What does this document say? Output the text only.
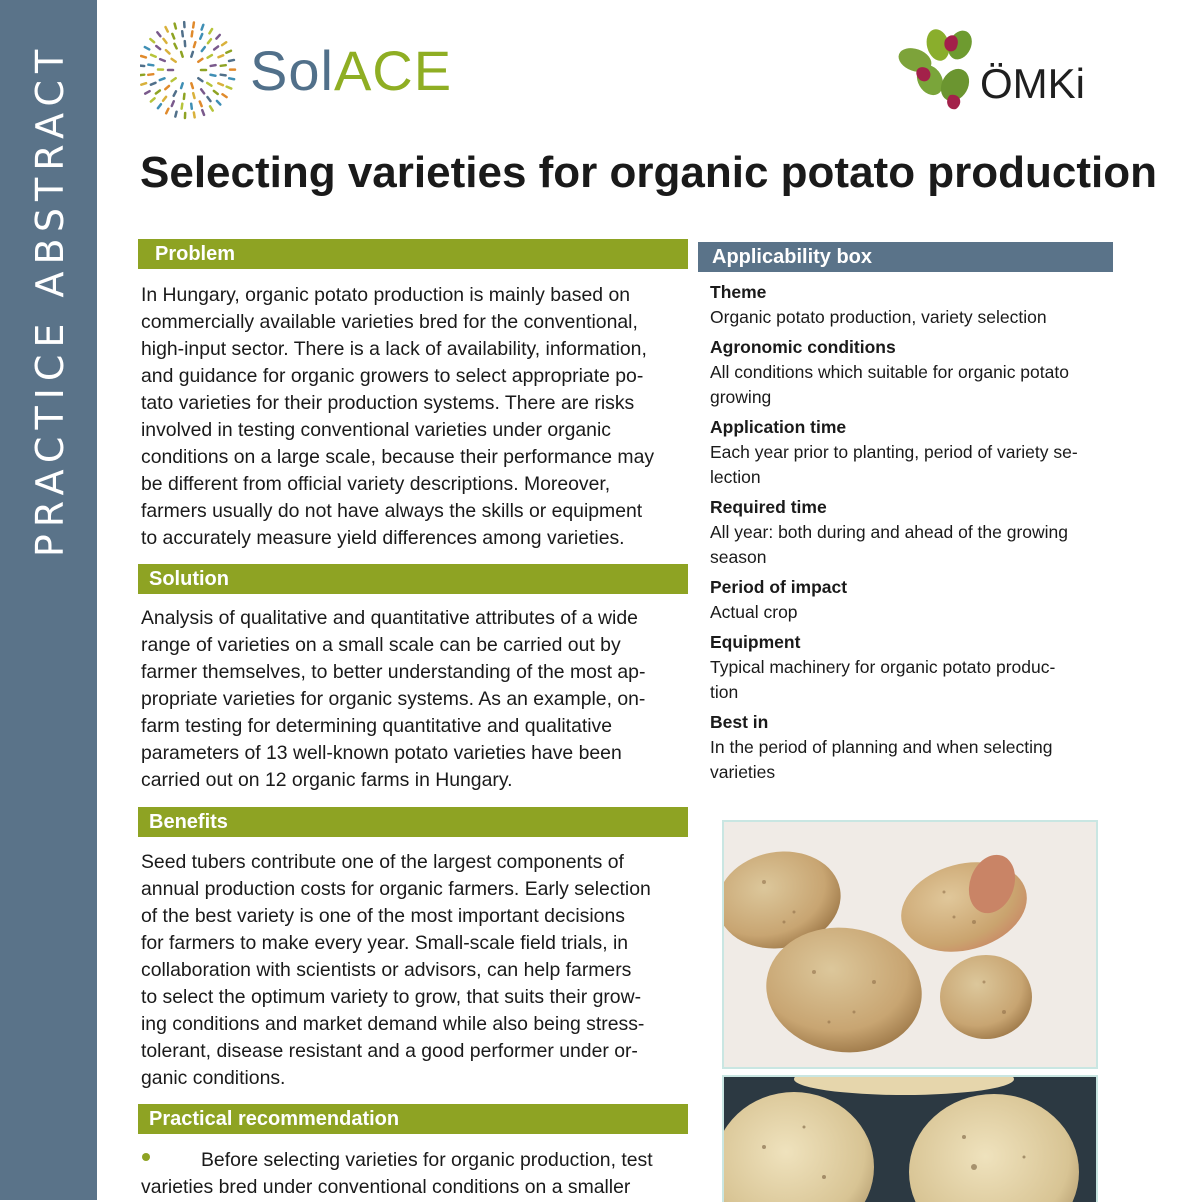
PRACTICE ABSTRACT	SolACE	ÖMKi
Selecting varieties for organic potato production
Problem
In Hungary, organic potato production is mainly based on
commercially available varieties bred for the conventional,
high-input sector. There is a lack of availability, information,
and guidance for organic growers to select appropriate po-
tato varieties for their production systems. There are risks
involved in testing conventional varieties under organic
conditions on a large scale, because their performance may
be different from official variety descriptions. Moreover,
farmers usually do not have always the skills or equipment
to accurately measure yield differences among varieties.
Solution
Analysis of qualitative and quantitative attributes of a wide
range of varieties on a small scale can be carried out by
farmer themselves, to better understanding of the most ap-
propriate varieties for organic systems. As an example, on-
farm testing for determining quantitative and qualitative
parameters of 13 well-known potato varieties have been
carried out on 12 organic farms in Hungary.
Benefits
Seed tubers contribute one of the largest components of
annual production costs for organic farmers. Early selection
of the best variety is one of the most important decisions
for farmers to make every year. Small-scale field trials, in
collaboration with scientists or advisors, can help farmers
to select the optimum variety to grow, that suits their grow-
ing conditions and market demand while also being stress-
tolerant, disease resistant and a good performer under or-
ganic conditions.
Practical recommendation
Before selecting varieties for organic production, test
varieties bred under conventional conditions on a smaller
Applicability box
Theme
Organic potato production, variety selection
Agronomic conditions
All conditions which suitable for organic potato
growing
Application time
Each year prior to planting, period of variety se-
lection
Required time
All year: both during and ahead of the growing
season
Period of impact
Actual crop
Equipment
Typical machinery for organic potato produc-
tion
Best in
In the period of planning and when selecting
varieties
